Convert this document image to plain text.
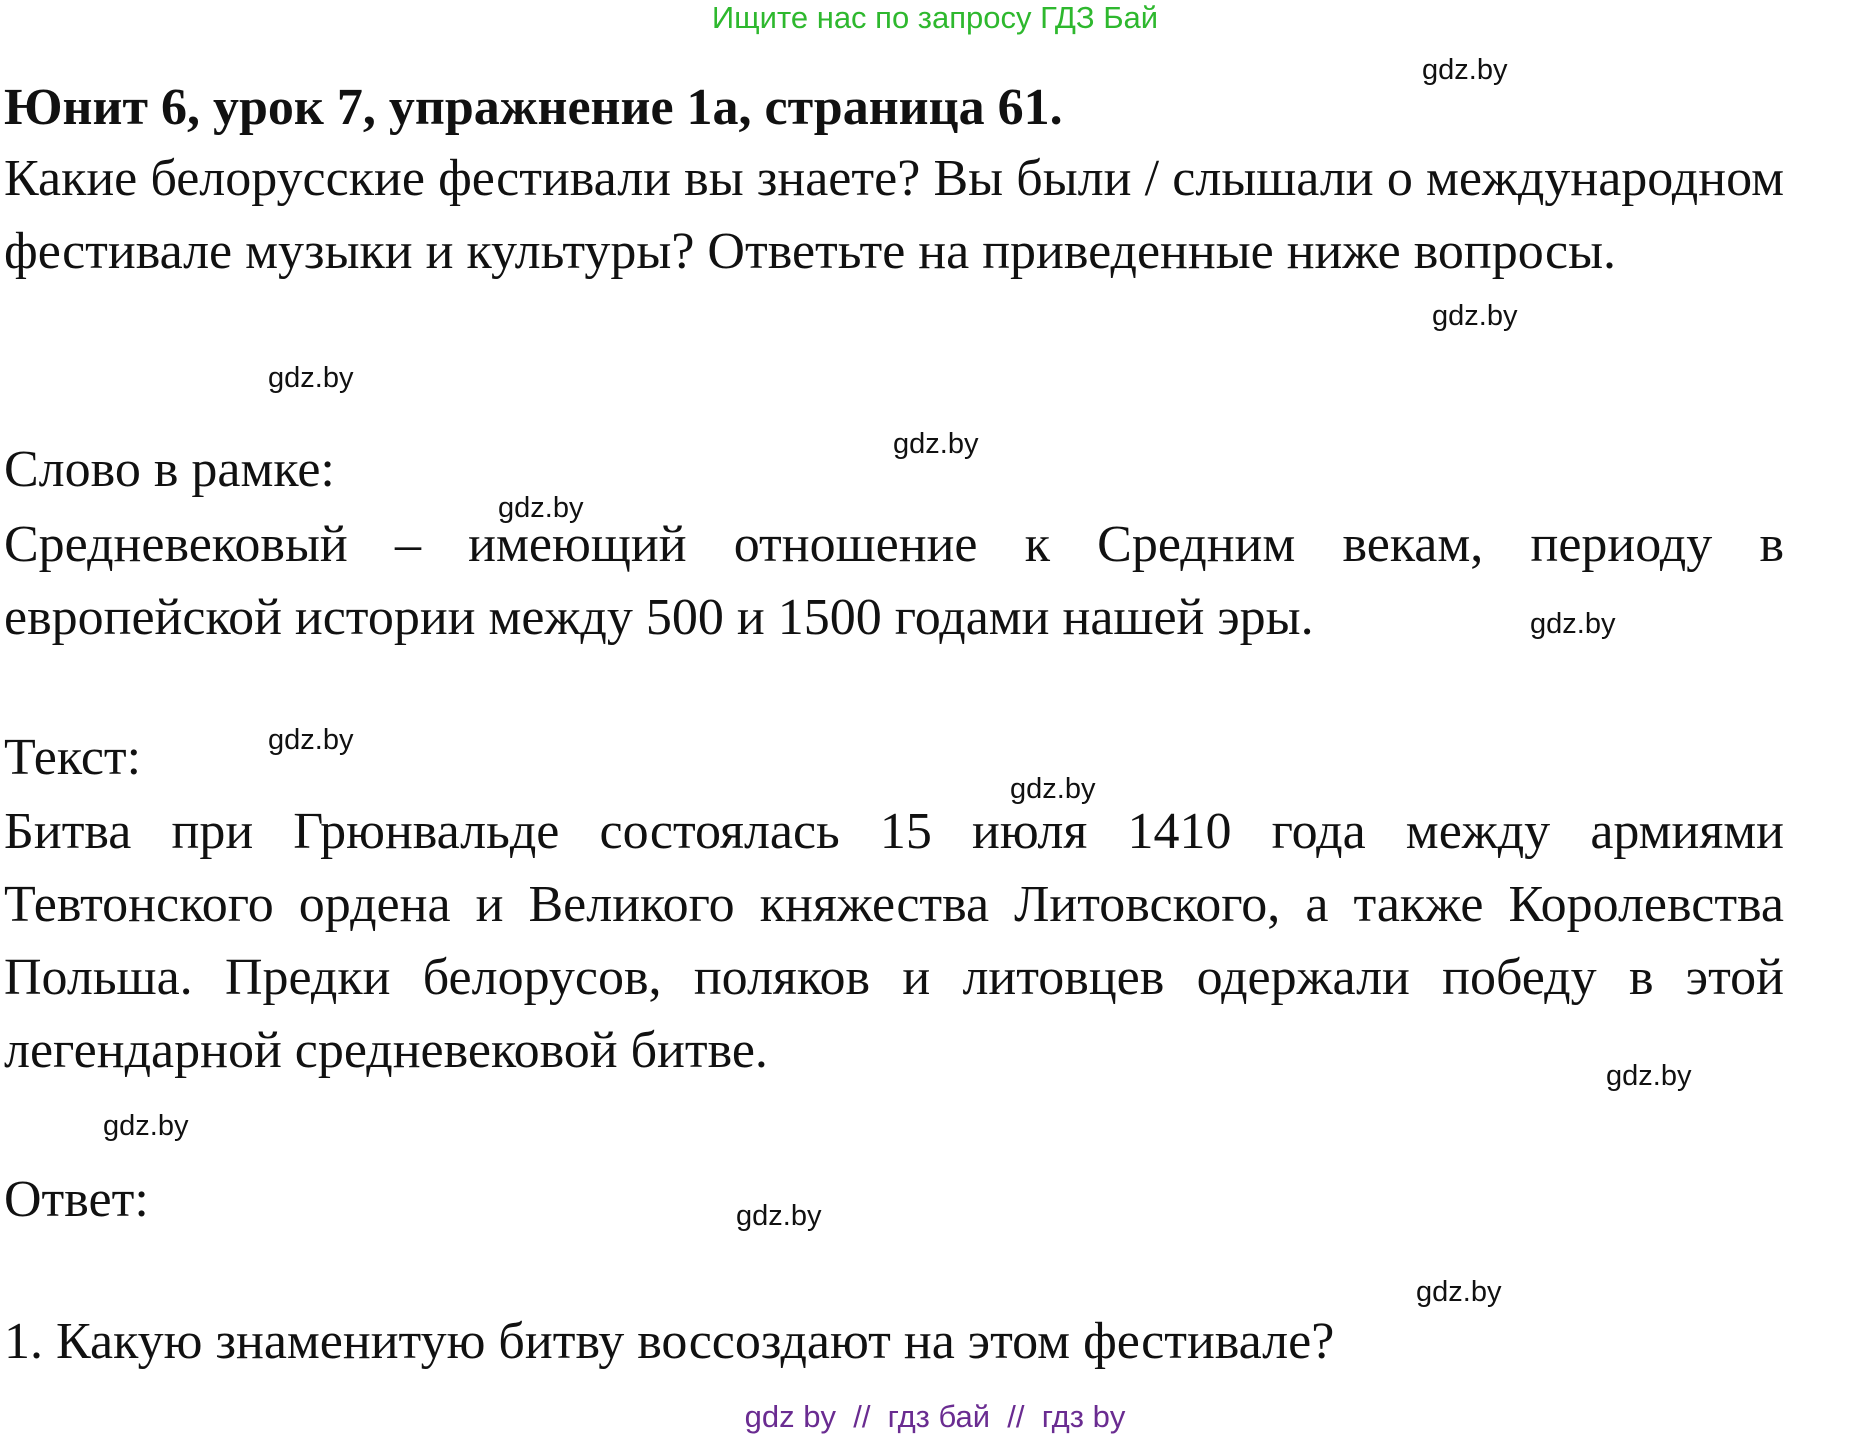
Ищите нас по запросу ГДЗ Бай
Юнит 6, урок 7, упражнение 1а, страница 61.
Какие белорусские фестивали вы знаете? Вы были / слышали о международном фестивале музыки и культуры? Ответьте на приведенные ниже вопросы.
Слово в рамке:
Средневековый – имеющий отношение к Средним векам, периоду в европейской истории между 500 и 1500 годами нашей эры.
Текст:
Битва при Грюнвальде состоялась 15 июля 1410 года между армиями Тевтонского ордена и Великого княжества Литовского, а также Королевства Польша. Предки белорусов, поляков и литовцев одержали победу в этой легендарной средневековой битве.
Ответ:
1. Какую знаменитую битву воссоздают на этом фестивале?
gdz.by
gdz.by
gdz.by
gdz.by
gdz.by
gdz.by
gdz.by
gdz.by
gdz.by
gdz.by
gdz.by
gdz.by
gdz by  //  гдз бай  //  гдз by
